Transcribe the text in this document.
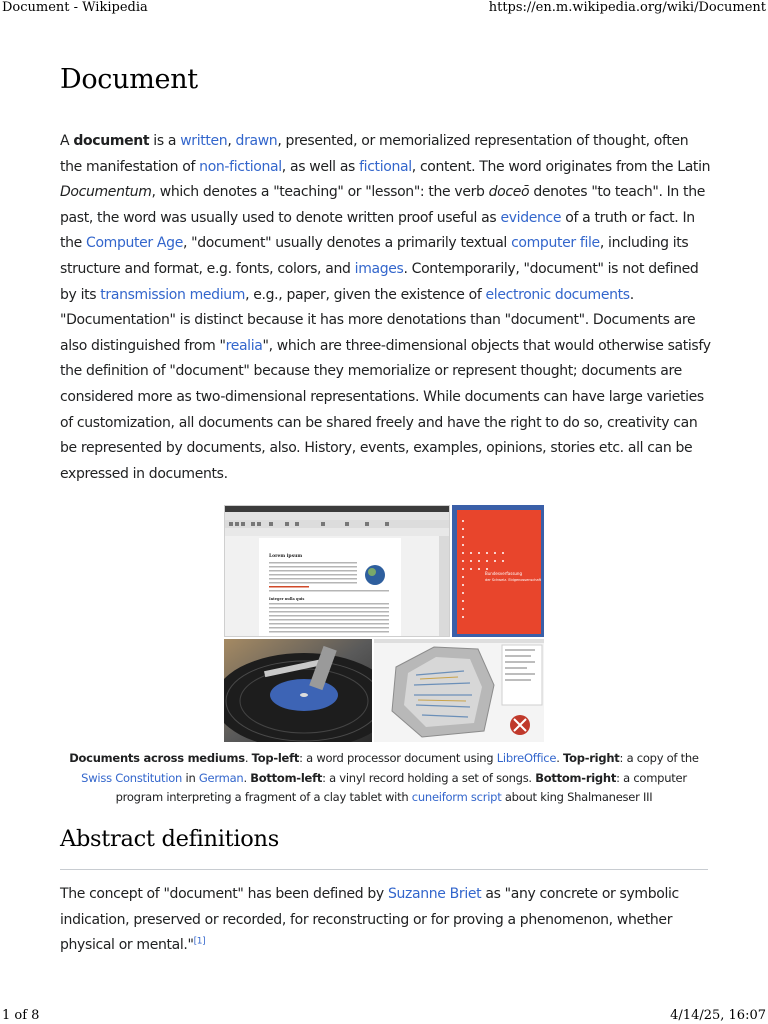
Document - Wikipedia	https://en.m.wikipedia.org/wiki/Document
Document

A document is a written, drawn, presented, or memorialized representation of thought, often the manifestation of non-fictional, as well as fictional, content. The word originates from the Latin Documentum, which denotes a "teaching" or "lesson": the verb doceō denotes "to teach". In the past, the word was usually used to denote written proof useful as evidence of a truth or fact. In the Computer Age, "document" usually denotes a primarily textual computer file, including its structure and format, e.g. fonts, colors, and images. Contemporarily, "document" is not defined by its transmission medium, e.g., paper, given the existence of electronic documents. "Documentation" is distinct because it has more denotations than "document". Documents are also distinguished from "realia", which are three-dimensional objects that would otherwise satisfy the definition of "document" because they memorialize or represent thought; documents are considered more as two-dimensional representations. While documents can have large varieties of customization, all documents can be shared freely and have the right to do so, creativity can be represented by documents, also. History, events, examples, opinions, stories etc. all can be expressed in documents.

Lorem ipsum
Integer nulla quis
Bundesverfassung
der Schweiz. Eidgenossenschaft
Documents across mediums. Top-left: a word processor document using LibreOffice. Top-right: a copy of the Swiss Constitution in German. Bottom-left: a vinyl record holding a set of songs. Bottom-right: a computer program interpreting a fragment of a clay tablet with cuneiform script about king Shalmaneser III
Abstract definitions

The concept of "document" has been defined by Suzanne Briet as "any concrete or symbolic indication, preserved or recorded, for reconstructing or for proving a phenomenon, whether physical or mental."[1]

1 of 8	4/14/25, 16:07
